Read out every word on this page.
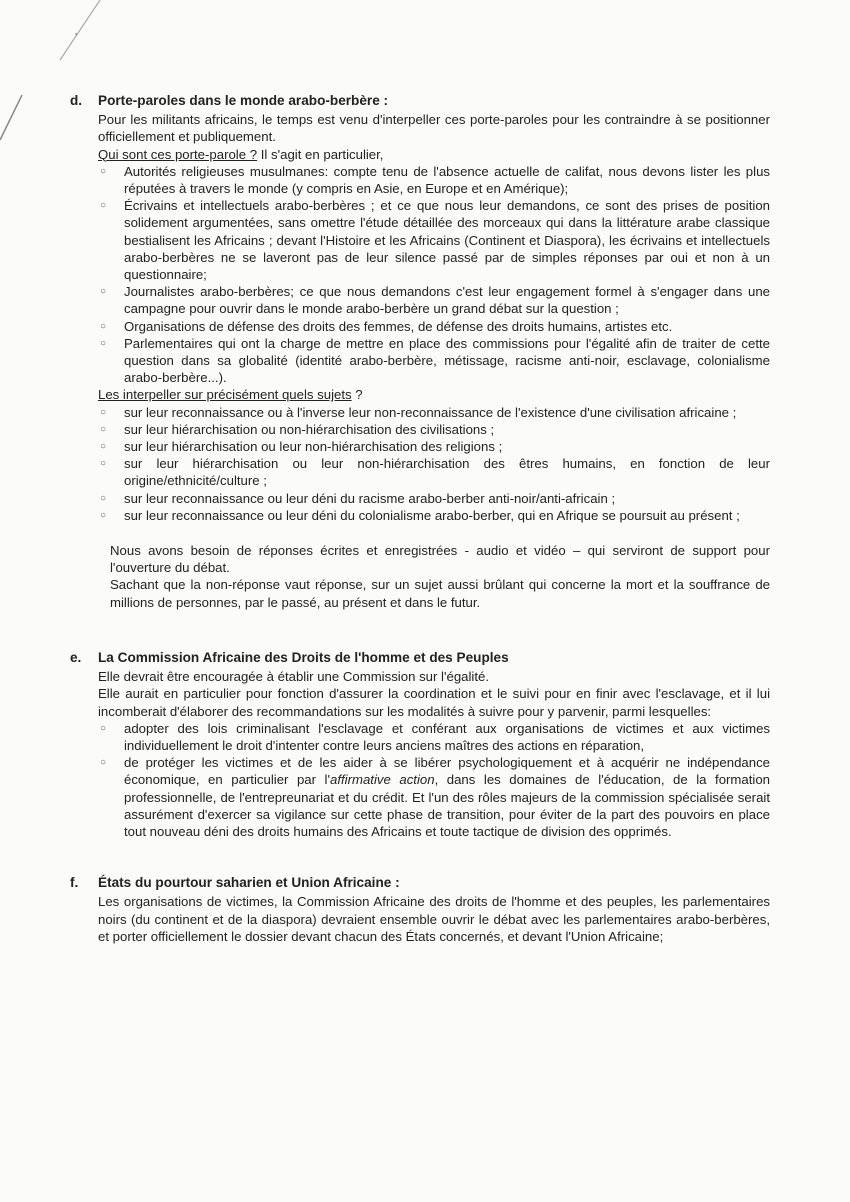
d.	Porte-paroles dans le monde arabo-berbère :

Pour les militants africains, le temps est venu d'interpeller ces porte-paroles pour les contraindre à se positionner officiellement et publiquement.

Qui sont ces porte-parole ? Il s'agit en particulier,

○	Autorités religieuses musulmanes: compte tenu de l'absence actuelle de califat, nous devons lister les plus réputées à travers le monde (y compris en Asie, en Europe et en Amérique);
○	Écrivains et intellectuels arabo-berbères ; et ce que nous leur demandons, ce sont des prises de position solidement argumentées, sans omettre l'étude détaillée des morceaux qui dans la littérature arabe classique bestialisent les Africains ; devant l'Histoire et les Africains (Continent et Diaspora), les écrivains et intellectuels arabo-berbères ne se laveront pas de leur silence passé par de simples réponses par oui et non à un questionnaire;
○	Journalistes arabo-berbères; ce que nous demandons c'est leur engagement formel à s'engager dans une campagne pour ouvrir dans le monde arabo-berbère un grand débat sur la question ;
○	Organisations de défense des droits des femmes, de défense des droits humains, artistes etc.
○	Parlementaires qui ont la charge de mettre en place des commissions pour l'égalité afin de traiter de cette question dans sa globalité (identité arabo-berbère, métissage, racisme anti-noir, esclavage, colonialisme arabo-berbère...).

Les interpeller sur précisément quels sujets ?

○	sur leur reconnaissance ou à l'inverse leur non-reconnaissance de l'existence d'une civilisation africaine ;
○	sur leur hiérarchisation ou non-hiérarchisation des civilisations ;
○	sur leur hiérarchisation ou leur non-hiérarchisation des religions ;
○	sur leur hiérarchisation ou leur non-hiérarchisation des êtres humains, en fonction de leur origine/ethnicité/culture ;
○	sur leur reconnaissance ou leur déni du racisme arabo-berber anti-noir/anti-africain ;
○	sur leur reconnaissance ou leur déni du colonialisme arabo-berber, qui en Afrique se poursuit au présent ;

Nous avons besoin de réponses écrites et enregistrées - audio et vidéo – qui serviront de support pour l'ouverture du débat.

Sachant que la non-réponse vaut réponse, sur un sujet aussi brûlant qui concerne la mort et la souffrance de millions de personnes, par le passé, au présent et dans le futur.

e.	La Commission Africaine des Droits de l'homme et des Peuples

Elle devrait être encouragée à établir une Commission sur l'égalité.

Elle aurait en particulier pour fonction d'assurer la coordination et le suivi pour en finir avec l'esclavage, et il lui incomberait d'élaborer des recommandations sur les modalités à suivre pour y parvenir, parmi lesquelles:

○	adopter des lois criminalisant l'esclavage et conférant aux organisations de victimes et aux victimes individuellement le droit d'intenter contre leurs anciens maîtres des actions en réparation,
○	de protéger les victimes et de les aider à se libérer psychologiquement et à acquérir ne indépendance économique, en particulier par l'affirmative action, dans les domaines de l'éducation, de la formation professionnelle, de l'entrepreunariat et du crédit. Et l'un des rôles majeurs de la commission spécialisée serait assurément d'exercer sa vigilance sur cette phase de transition, pour éviter de la part des pouvoirs en place tout nouveau déni des droits humains des Africains et toute tactique de division des opprimés.
f.	États du pourtour saharien et Union Africaine :

Les organisations de victimes, la Commission Africaine des droits de l'homme et des peuples, les parlementaires noirs (du continent et de la diaspora) devraient ensemble ouvrir le débat avec les parlementaires arabo-berbères, et porter officiellement le dossier devant chacun des États concernés, et devant l'Union Africaine;
